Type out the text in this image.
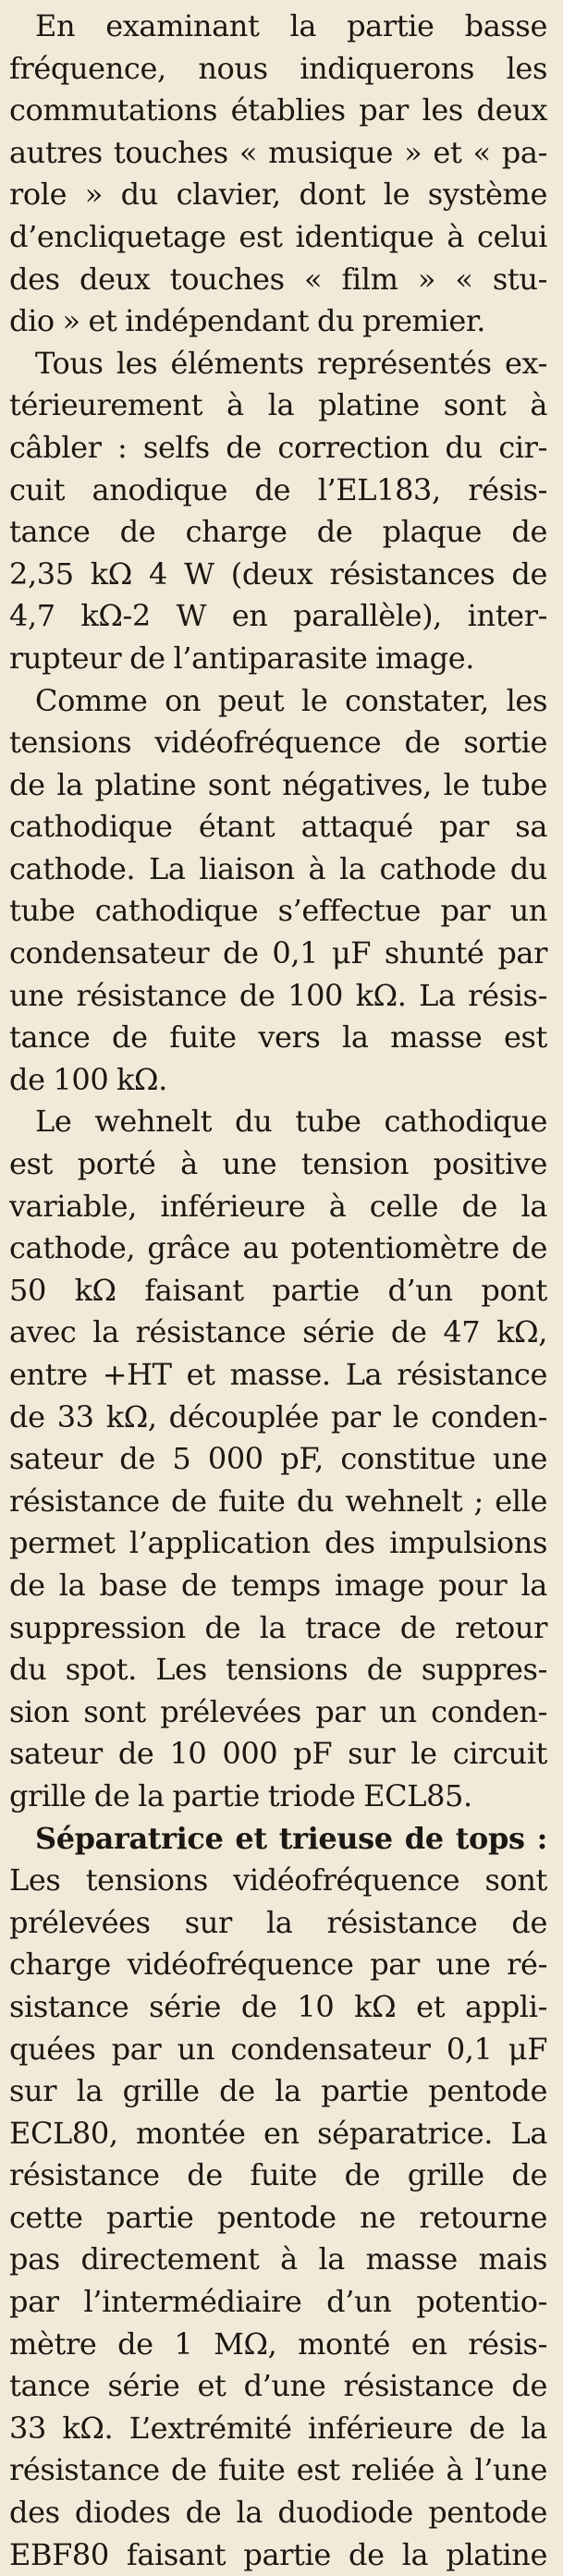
En examinant la partie basse
fréquence, nous indiquerons les
commutations établies par les deux
autres touches « musique » et « pa-
role » du clavier, dont le système
d’encliquetage est identique à celui
des deux touches « film » « stu-
dio » et indépendant du premier.

Tous les éléments représentés ex-
térieurement à la platine sont à
câbler : selfs de correction du cir-
cuit anodique de l’EL183, résis-
tance de charge de plaque de
2,35 kΩ 4 W (deux résistances de
4,7 kΩ-2 W en parallèle), inter-
rupteur de l’antiparasite image.

Comme on peut le constater, les
tensions vidéofréquence de sortie
de la platine sont négatives, le tube
cathodique étant attaqué par sa
cathode. La liaison à la cathode du
tube cathodique s’effectue par un
condensateur de 0,1 μF shunté par
une résistance de 100 kΩ. La résis-
tance de fuite vers la masse est
de 100 kΩ.

Le wehnelt du tube cathodique
est porté à une tension positive
variable, inférieure à celle de la
cathode, grâce au potentiomètre de
50 kΩ faisant partie d’un pont
avec la résistance série de 47 kΩ,
entre +HT et masse. La résistance
de 33 kΩ, découplée par le conden-
sateur de 5 000 pF, constitue une
résistance de fuite du wehnelt ; elle
permet l’application des impulsions
de la base de temps image pour la
suppression de la trace de retour
du spot. Les tensions de suppres-
sion sont prélevées par un conden-
sateur de 10 000 pF sur le circuit
grille de la partie triode ECL85.

Séparatrice et trieuse de tops :
Les tensions vidéofréquence sont
prélevées sur la résistance de
charge vidéofréquence par une ré-
sistance série de 10 kΩ et appli-
quées par un condensateur 0,1 μF
sur la grille de la partie pentode
ECL80, montée en séparatrice. La
résistance de fuite de grille de
cette partie pentode ne retourne
pas directement à la masse mais
par l’intermédiaire d’un potentio-
mètre de 1 MΩ, monté en résis-
tance série et d’une résistance de
33 kΩ. L’extrémité inférieure de la
résistance de fuite est reliée à l’une
des diodes de la duodiode pentode
EBF80 faisant partie de la platine
